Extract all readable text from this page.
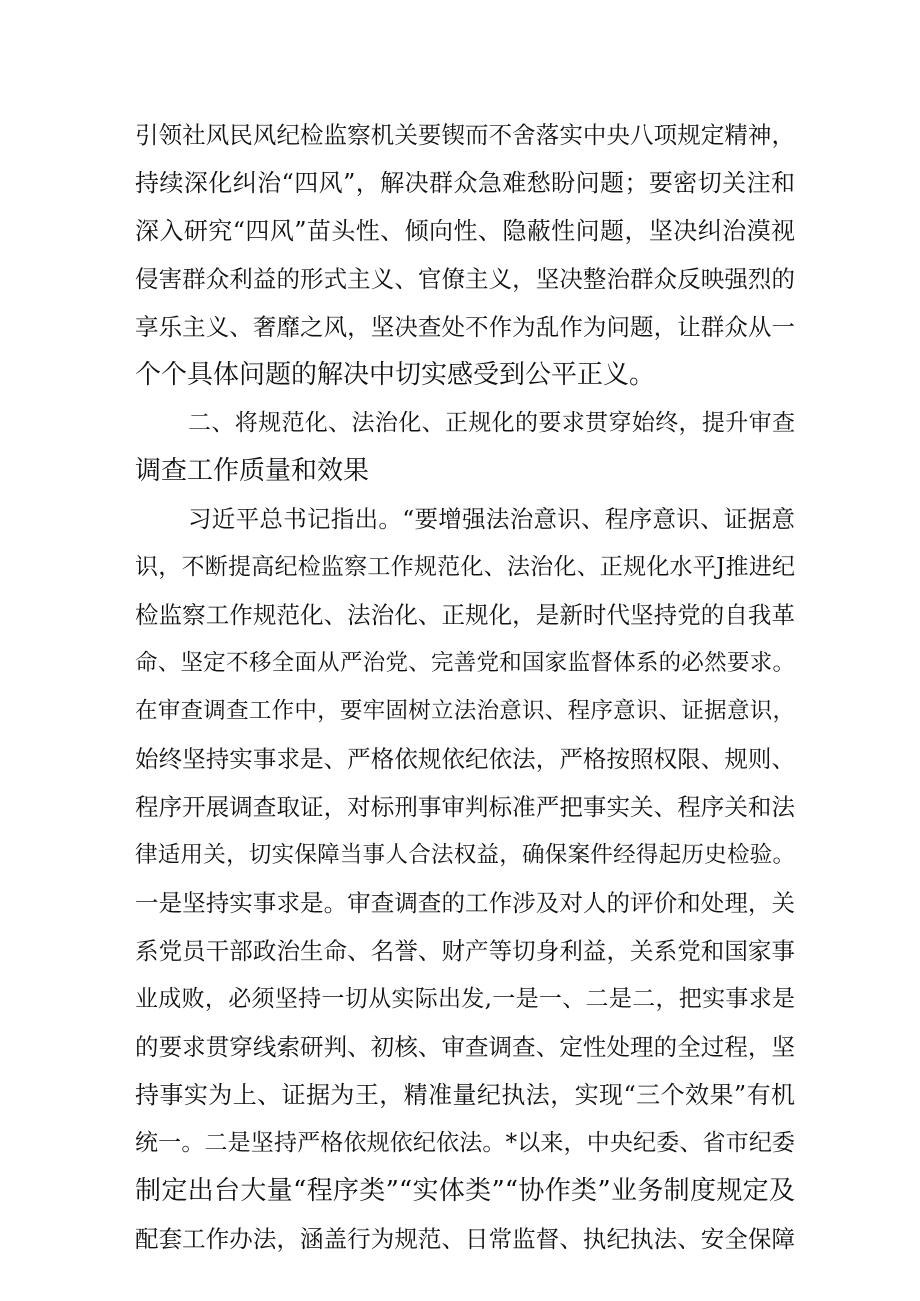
引领社风民风纪检监察机关要锲而不舍落实中央八项规定精神，

持续深化纠治“四风”，解决群众急难愁盼问题；要密切关注和

深入研究“四风”苗头性、倾向性、隐蔽性问题，坚决纠治漠视

侵害群众利益的形式主义、官僚主义，坚决整治群众反映强烈的

享乐主义、奢靡之风，坚决查处不作为乱作为问题，让群众从一

个个具体问题的解决中切实感受到公平正义。

二、将规范化、法治化、正规化的要求贯穿始终，提升审查

调查工作质量和效果

习近平总书记指出。“要增强法治意识、程序意识、证据意

识，不断提高纪检监察工作规范化、法治化、正规化水平J推进纪

检监察工作规范化、法治化、正规化，是新时代坚持党的自我革

命、坚定不移全面从严治党、完善党和国家监督体系的必然要求。

在审查调查工作中，要牢固树立法治意识、程序意识、证据意识，

始终坚持实事求是、严格依规依纪依法，严格按照权限、规则、

程序开展调查取证，对标刑事审判标准严把事实关、程序关和法

律适用关，切实保障当事人合法权益，确保案件经得起历史检验。

一是坚持实事求是。审查调查的工作涉及对人的评价和处理，关

系党员干部政治生命、名誉、财产等切身利益，关系党和国家事

业成败，必须坚持一切从实际出发,一是一、二是二，把实事求是

的要求贯穿线索研判、初核、审查调查、定性处理的全过程，坚

持事实为上、证据为王，精准量纪执法，实现“三个效果”有机

统一。二是坚持严格依规依纪依法。*以来，中央纪委、省市纪委

制定出台大量“程序类”“实体类”“协作类”业务制度规定及

配套工作办法，涵盖行为规范、日常监督、执纪执法、安全保障
